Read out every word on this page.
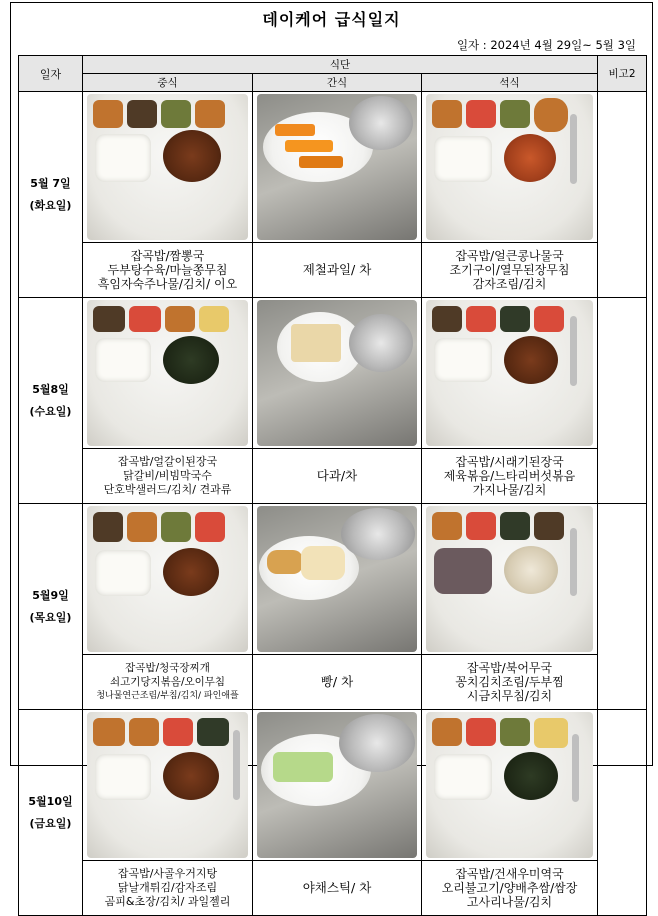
데이케어 급식일지
일자 : 2024년 4월 29일~ 5월 3일
일자	식단			비고2
	중식	간식	석식	

5월 7일
(화요일)				

	잡곡밥/짬뽕국
두부탕수육/마늘쫑무침
흑임자숙주나물/김치/ 이오	제철과일/ 차	잡곡밥/얼큰콩나물국
조기구이/열무된장무침
감자조림/김치	

5월8일
(수요일)				

	잡곡밥/얼갈이된장국
닭갈비/비빔막국수
단호박샐러드/김치/ 견과류	다과/차	잡곡밥/시래기된장국
제육볶음/느타리버섯볶음
가지나물/김치	

5월9일
(목요일)				

	잡곡밥/청국장찌개
쇠고기당지볶음/오이무침
청나물연근조림/부침/김치/ 파인애플	빵/ 차	잡곡밥/북어무국
꽁치김치조림/두부찜
시금치무침/김치	

5월10일
(금요일)				

	잡곡밥/사골우거지탕
닭날개튀김/감자조림
곰피&초장/김치/ 과일젤리	야채스틱/ 차	잡곡밥/건새우미역국
오리불고기/양배추쌈/쌈장
고사리나물/김치	
